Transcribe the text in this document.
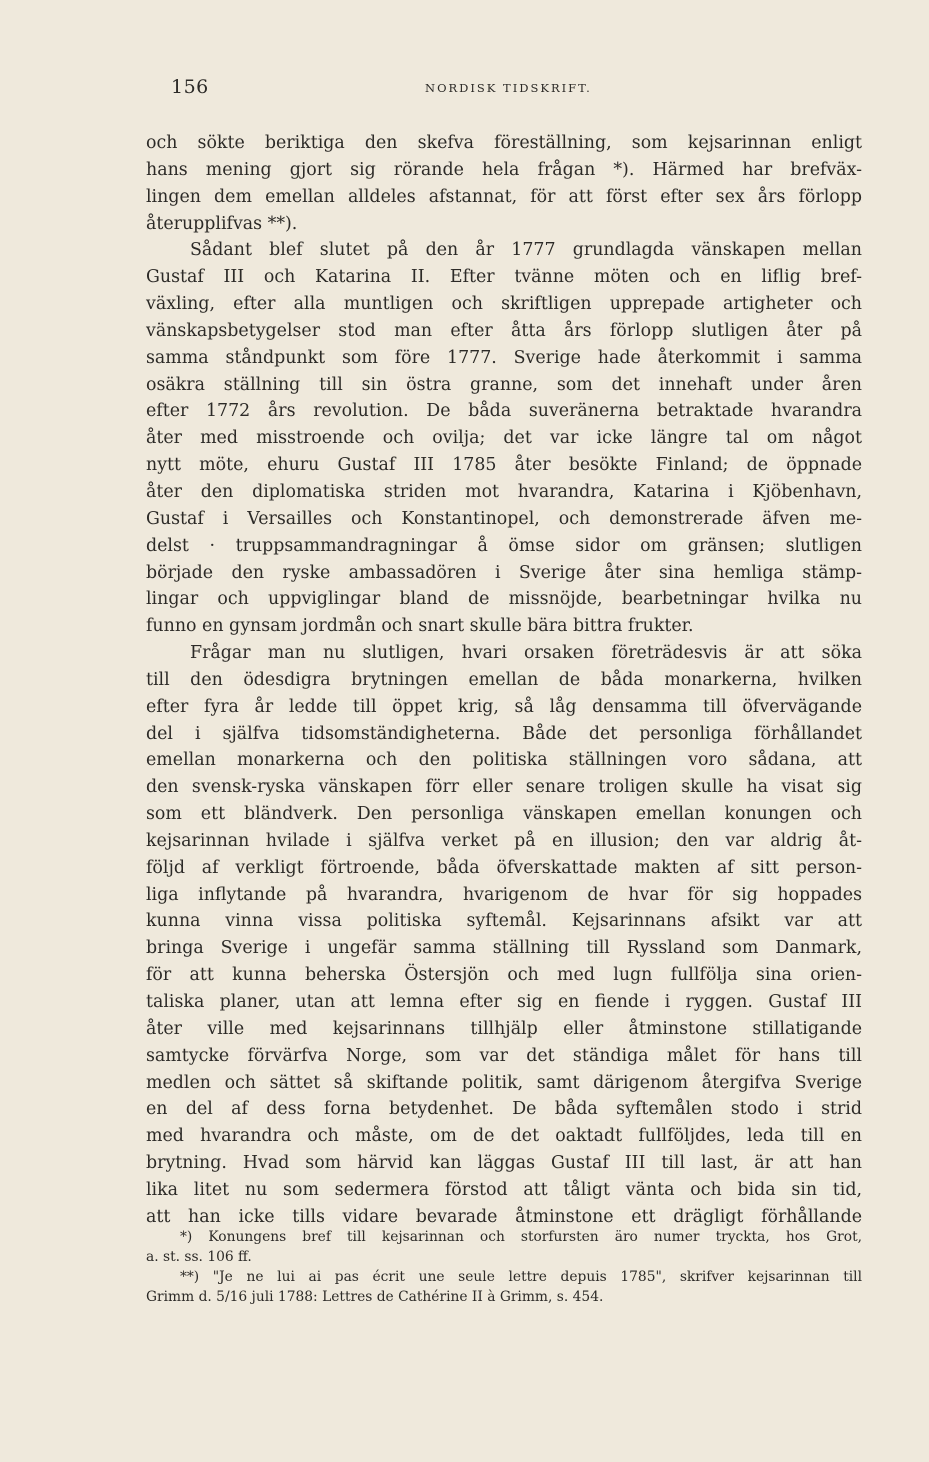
156	NORDISK TIDSKRIFT.
och sökte beriktiga den skefva föreställning, som kejsarinnan enligt
hans mening gjort sig rörande hela frågan *). Härmed har brefväx-
lingen dem emellan alldeles afstannat, för att först efter sex års förlopp
återupplifvas **).
Sådant blef slutet på den år 1777 grundlagda vänskapen mellan
Gustaf III och Katarina II. Efter tvänne möten och en liflig bref-
växling, efter alla muntligen och skriftligen upprepade artigheter och
vänskapsbetygelser stod man efter åtta års förlopp slutligen åter på
samma ståndpunkt som före 1777. Sverige hade återkommit i samma
osäkra ställning till sin östra granne, som det innehaft under åren
efter 1772 års revolution. De båda suveränerna betraktade hvarandra
åter med misstroende och ovilja; det var icke längre tal om något
nytt möte, ehuru Gustaf III 1785 åter besökte Finland; de öppnade
åter den diplomatiska striden mot hvarandra, Katarina i Kjöbenhavn,
Gustaf i Versailles och Konstantinopel, och demonstrerade äfven me-
delst · truppsammandragningar å ömse sidor om gränsen; slutligen
började den ryske ambassadören i Sverige åter sina hemliga stämp-
lingar och uppviglingar bland de missnöjde, bearbetningar hvilka nu
funno en gynsam jordmån och snart skulle bära bittra frukter.
Frågar man nu slutligen, hvari orsaken företrädesvis är att söka
till den ödesdigra brytningen emellan de båda monarkerna, hvilken
efter fyra år ledde till öppet krig, så låg densamma till öfvervägande
del i själfva tidsomständigheterna. Både det personliga förhållandet
emellan monarkerna och den politiska ställningen voro sådana, att
den svensk-ryska vänskapen förr eller senare troligen skulle ha visat sig
som ett bländverk. Den personliga vänskapen emellan konungen och
kejsarinnan hvilade i själfva verket på en illusion; den var aldrig åt-
följd af verkligt förtroende, båda öfverskattade makten af sitt person-
liga inflytande på hvarandra, hvarigenom de hvar för sig hoppades
kunna vinna vissa politiska syftemål. Kejsarinnans afsikt var att
bringa Sverige i ungefär samma ställning till Ryssland som Danmark,
för att kunna beherska Östersjön och med lugn fullfölja sina orien-
taliska planer, utan att lemna efter sig en fiende i ryggen. Gustaf III
åter ville med kejsarinnans tillhjälp eller åtminstone stillatigande
samtycke förvärfva Norge, som var det ständiga målet för hans till
medlen och sättet så skiftande politik, samt därigenom återgifva Sverige
en del af dess forna betydenhet. De båda syftemålen stodo i strid
med hvarandra och måste, om de det oaktadt fullföljdes, leda till en
brytning. Hvad som härvid kan läggas Gustaf III till last, är att han
lika litet nu som sedermera förstod att tåligt vänta och bida sin tid,
att han icke tills vidare bevarade åtminstone ett drägligt förhållande
*) Konungens bref till kejsarinnan och storfursten äro numer tryckta, hos Grot,
a. st. ss. 106 ff.
**) "Je ne lui ai pas écrit une seule lettre depuis 1785", skrifver kejsarinnan till
Grimm d. 5/16 juli 1788: Lettres de Cathérine II à Grimm, s. 454.
